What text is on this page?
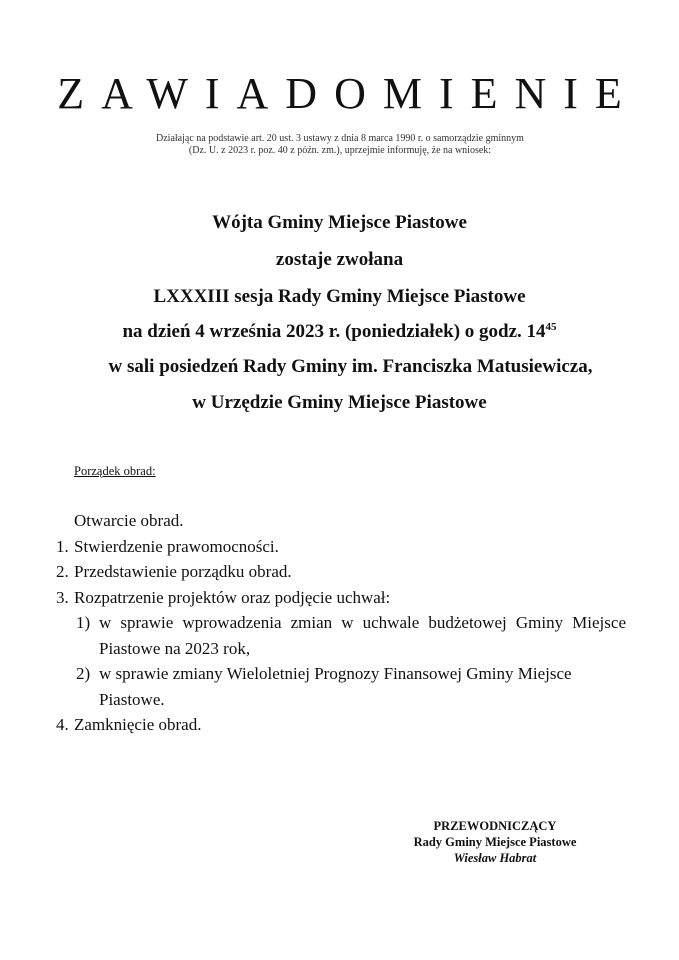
ZAWIADOMIENIE
Działając na podstawie art. 20 ust. 3 ustawy z dnia 8 marca 1990 r. o samorządzie gminnym
(Dz. U. z 2023 r. poz. 40 z późn. zm.), uprzejmie informuję, że na wniosek:
Wójta Gminy Miejsce Piastowe
zostaje zwołana
LXXXIII sesja Rady Gminy Miejsce Piastowe
na dzień 4 września 2023 r. (poniedziałek) o godz. $14^{45}$
w sali posiedzeń Rady Gminy im. Franciszka Matusiewicza,
w Urzędzie Gminy Miejsce Piastowe
Porządek obrad:
Otwarcie obrad.
1. Stwierdzenie prawomocności.
2. Przedstawienie porządku obrad.
3. Rozpatrzenie projektów oraz podjęcie uchwał:
1) w sprawie wprowadzenia zmian w uchwale budżetowej Gminy Miejsce Piastowe na 2023 rok,
2) w sprawie zmiany Wieloletniej Prognozy Finansowej Gminy Miejsce Piastowe.
4. Zamknięcie obrad.
PRZEWODNICZĄCY
Rady Gminy Miejsce Piastowe
Wiesław Habrat
